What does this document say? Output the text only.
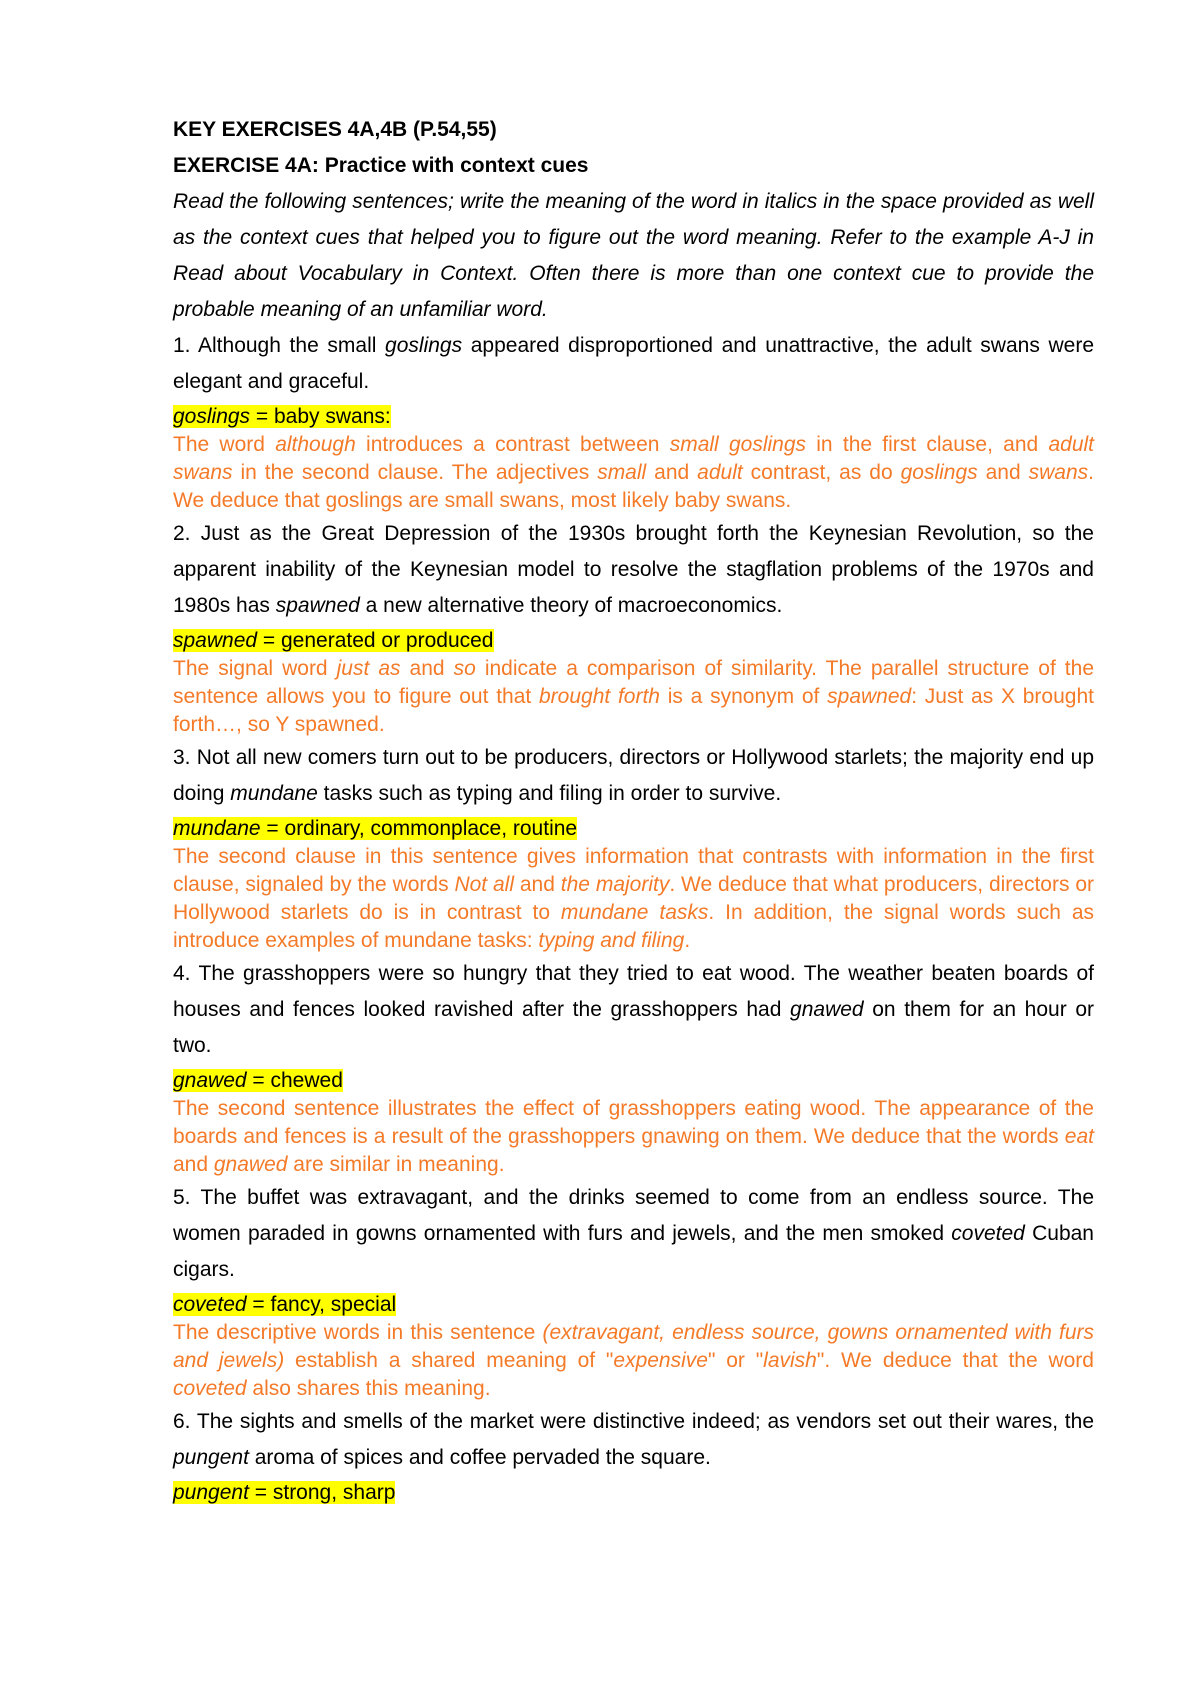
KEY EXERCISES 4A,4B (P.54,55)

EXERCISE 4A: Practice with context cues

Read the following sentences; write the meaning of the word in italics in the space provided as well as the context cues that helped you to figure out the word meaning. Refer to the example A-J in Read about Vocabulary in Context. Often there is more than one context cue to provide the probable meaning of an unfamiliar word.

1. Although the small goslings appeared disproportioned and unattractive, the adult swans were elegant and graceful.

goslings = baby swans:

The word although introduces a contrast between small goslings in the first clause, and adult swans in the second clause. The adjectives small and adult contrast, as do goslings and swans. We deduce that goslings are small swans, most likely baby swans.

2. Just as the Great Depression of the 1930s brought forth the Keynesian Revolution, so the apparent inability of the Keynesian model to resolve the stagflation problems of the 1970s and 1980s has spawned a new alternative theory of macroeconomics.

spawned = generated or produced

The signal word just as and so indicate a comparison of similarity. The parallel structure of the sentence allows you to figure out that brought forth is a synonym of spawned: Just as X brought forth…, so Y spawned.

3. Not all new comers turn out to be producers, directors or Hollywood starlets; the majority end up doing mundane tasks such as typing and filing in order to survive.

mundane = ordinary, commonplace, routine

The second clause in this sentence gives information that contrasts with information in the first clause, signaled by the words Not all and the majority. We deduce that what producers, directors or Hollywood starlets do is in contrast to mundane tasks. In addition, the signal words such as introduce examples of mundane tasks: typing and filing.

4. The grasshoppers were so hungry that they tried to eat wood. The weather beaten boards of houses and fences looked ravished after the grasshoppers had gnawed on them for an hour or two.

gnawed = chewed

The second sentence illustrates the effect of grasshoppers eating wood. The appearance of the boards and fences is a result of the grasshoppers gnawing on them. We deduce that the words eat and gnawed are similar in meaning.

5. The buffet was extravagant, and the drinks seemed to come from an endless source. The women paraded in gowns ornamented with furs and jewels, and the men smoked coveted Cuban cigars.

coveted = fancy, special

The descriptive words in this sentence (extravagant, endless source, gowns ornamented with furs and jewels) establish a shared meaning of "expensive" or "lavish". We deduce that the word coveted also shares this meaning.

6. The sights and smells of the market were distinctive indeed; as vendors set out their wares, the pungent aroma of spices and coffee pervaded the square.

pungent = strong, sharp
